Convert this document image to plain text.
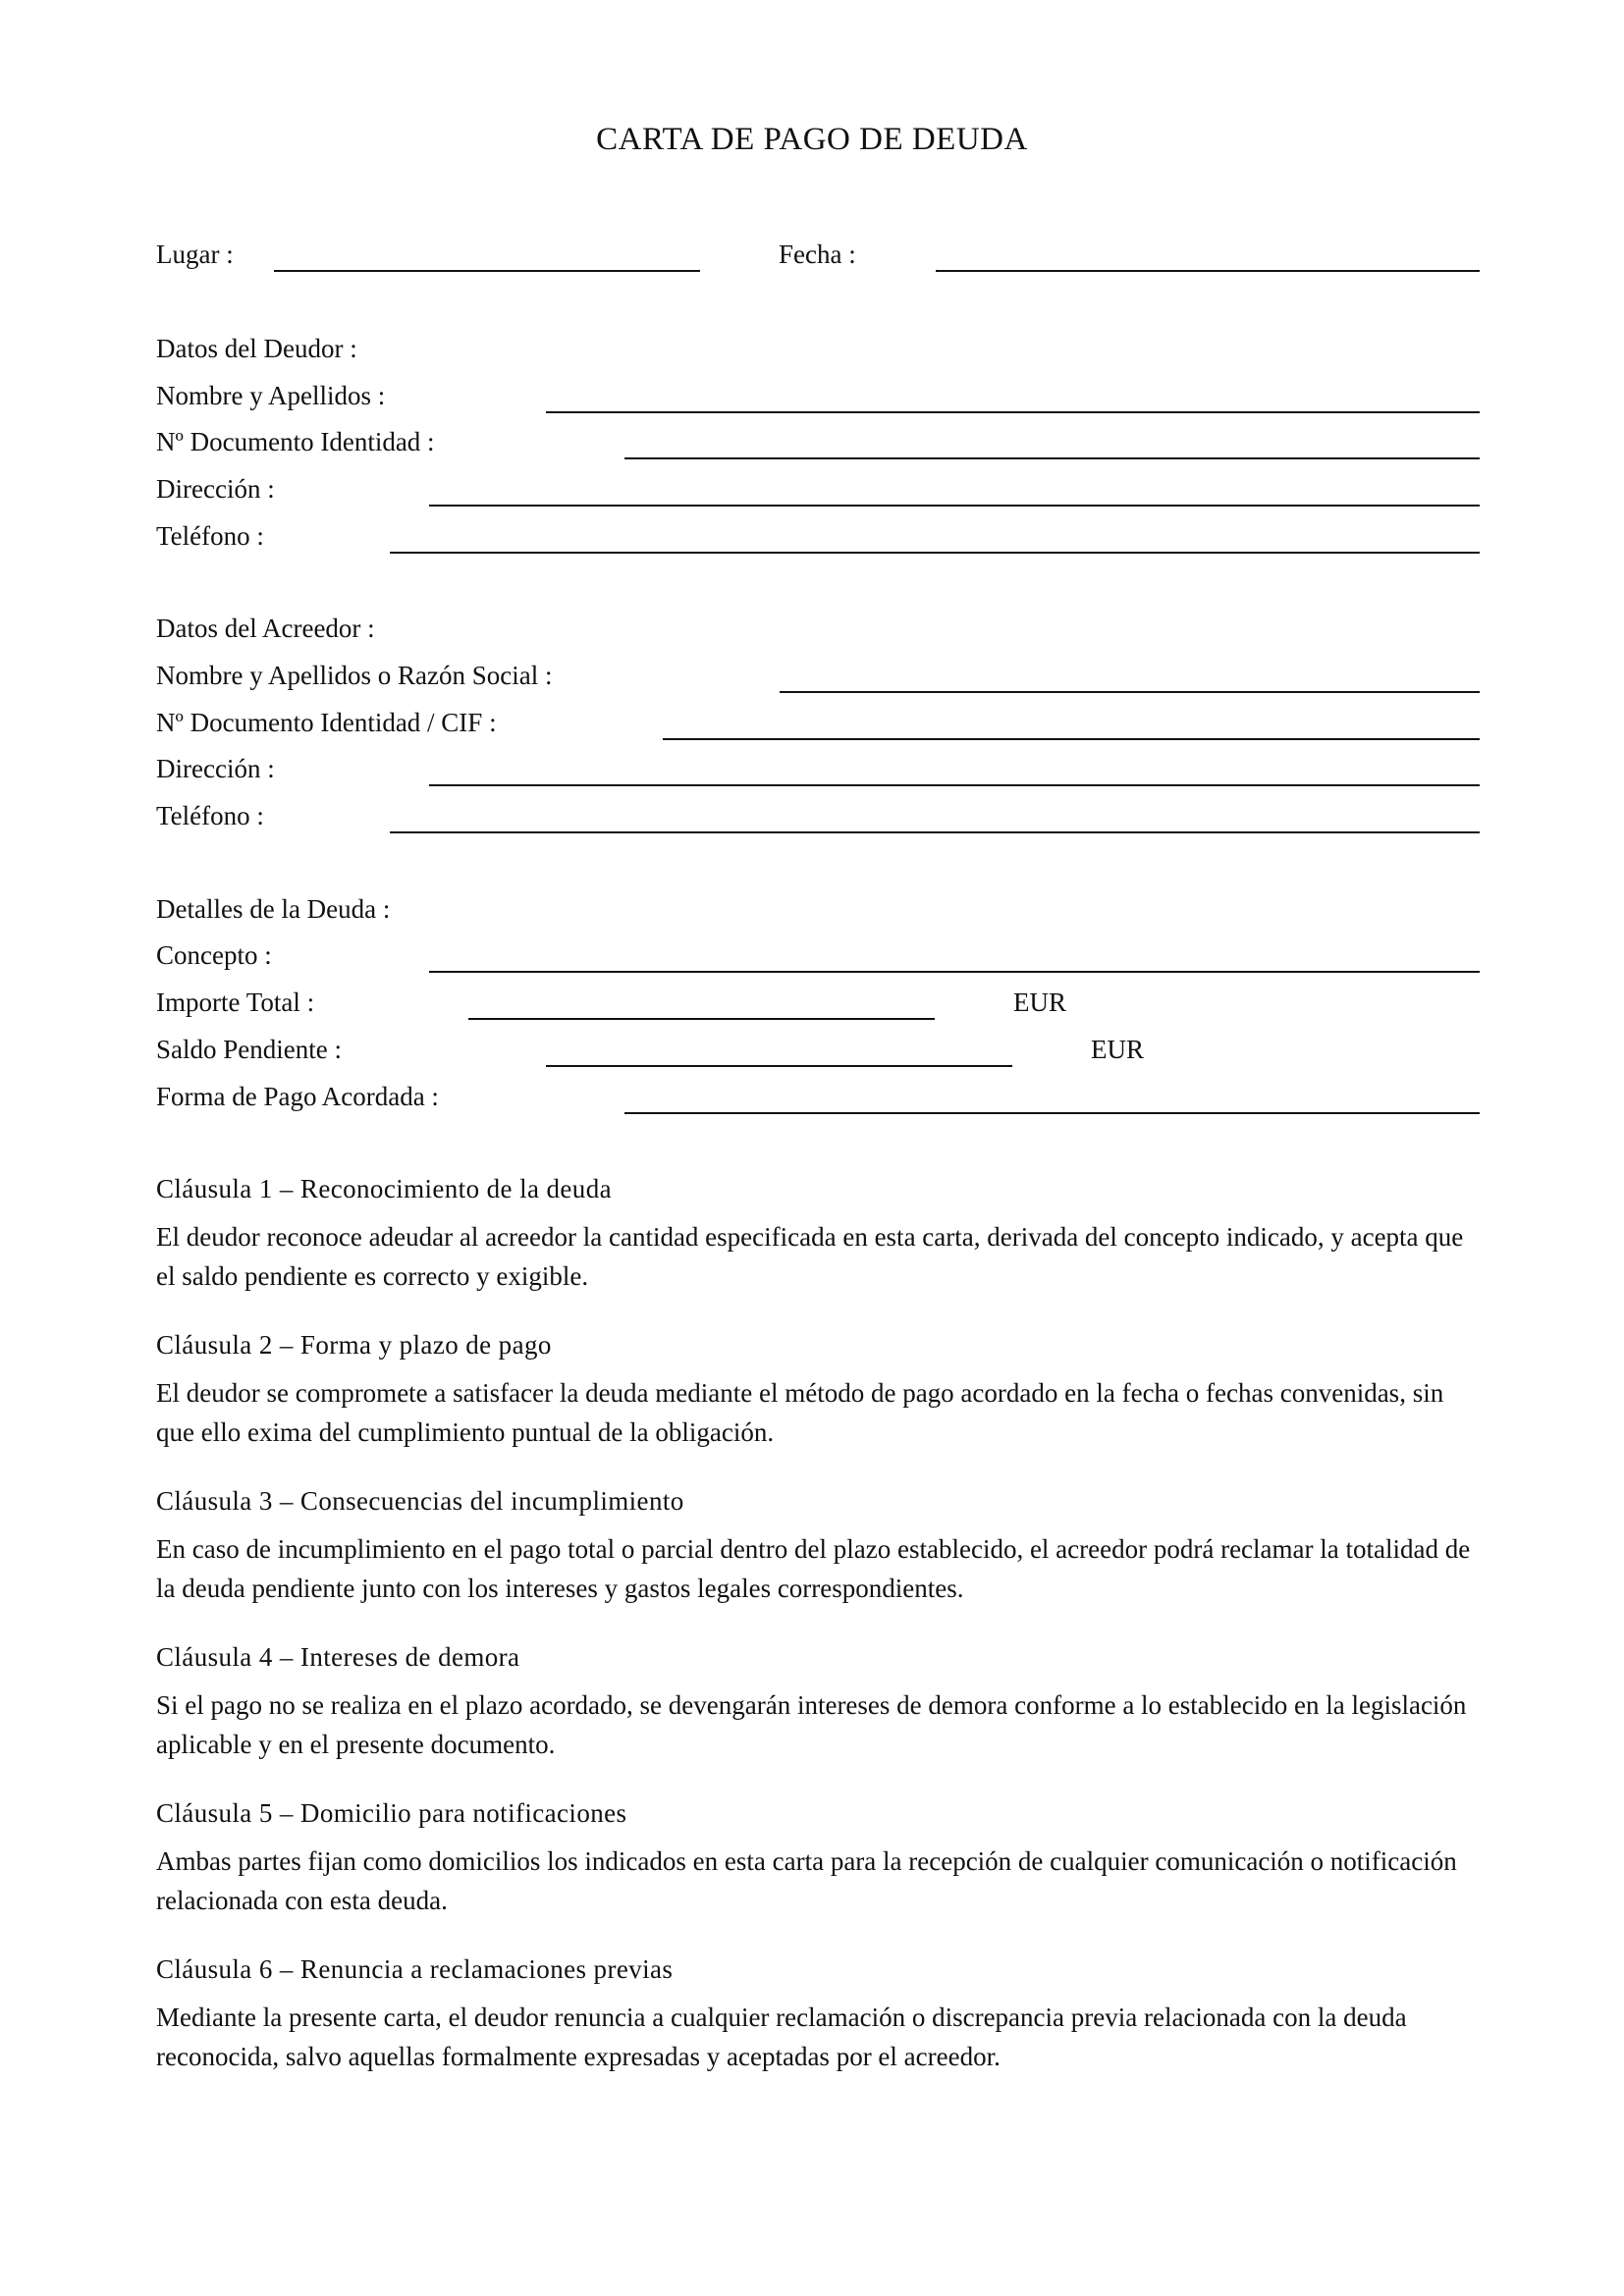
CARTA DE PAGO DE DEUDA
Lugar :	Fecha :
Datos del Deudor :
Nombre y Apellidos :
Nº Documento Identidad :
Dirección :
Teléfono :
Datos del Acreedor :
Nombre y Apellidos o Razón Social :
Nº Documento Identidad / CIF :
Dirección :
Teléfono :
Detalles de la Deuda :
Concepto :
Importe Total :	EUR
Saldo Pendiente :	EUR
Forma de Pago Acordada :
Cláusula 1 – Reconocimiento de la deuda
El deudor reconoce adeudar al acreedor la cantidad especificada en esta carta, derivada del concepto indicado, y acepta que el saldo pendiente es correcto y exigible.
Cláusula 2 – Forma y plazo de pago
El deudor se compromete a satisfacer la deuda mediante el método de pago acordado en la fecha o fechas convenidas, sin que ello exima del cumplimiento puntual de la obligación.
Cláusula 3 – Consecuencias del incumplimiento
En caso de incumplimiento en el pago total o parcial dentro del plazo establecido, el acreedor podrá reclamar la totalidad de la deuda pendiente junto con los intereses y gastos legales correspondientes.
Cláusula 4 – Intereses de demora
Si el pago no se realiza en el plazo acordado, se devengarán intereses de demora conforme a lo establecido en la legislación aplicable y en el presente documento.
Cláusula 5 – Domicilio para notificaciones
Ambas partes fijan como domicilios los indicados en esta carta para la recepción de cualquier comunicación o notificación relacionada con esta deuda.
Cláusula 6 – Renuncia a reclamaciones previas
Mediante la presente carta, el deudor renuncia a cualquier reclamación o discrepancia previa relacionada con la deuda reconocida, salvo aquellas formalmente expresadas y aceptadas por el acreedor.
